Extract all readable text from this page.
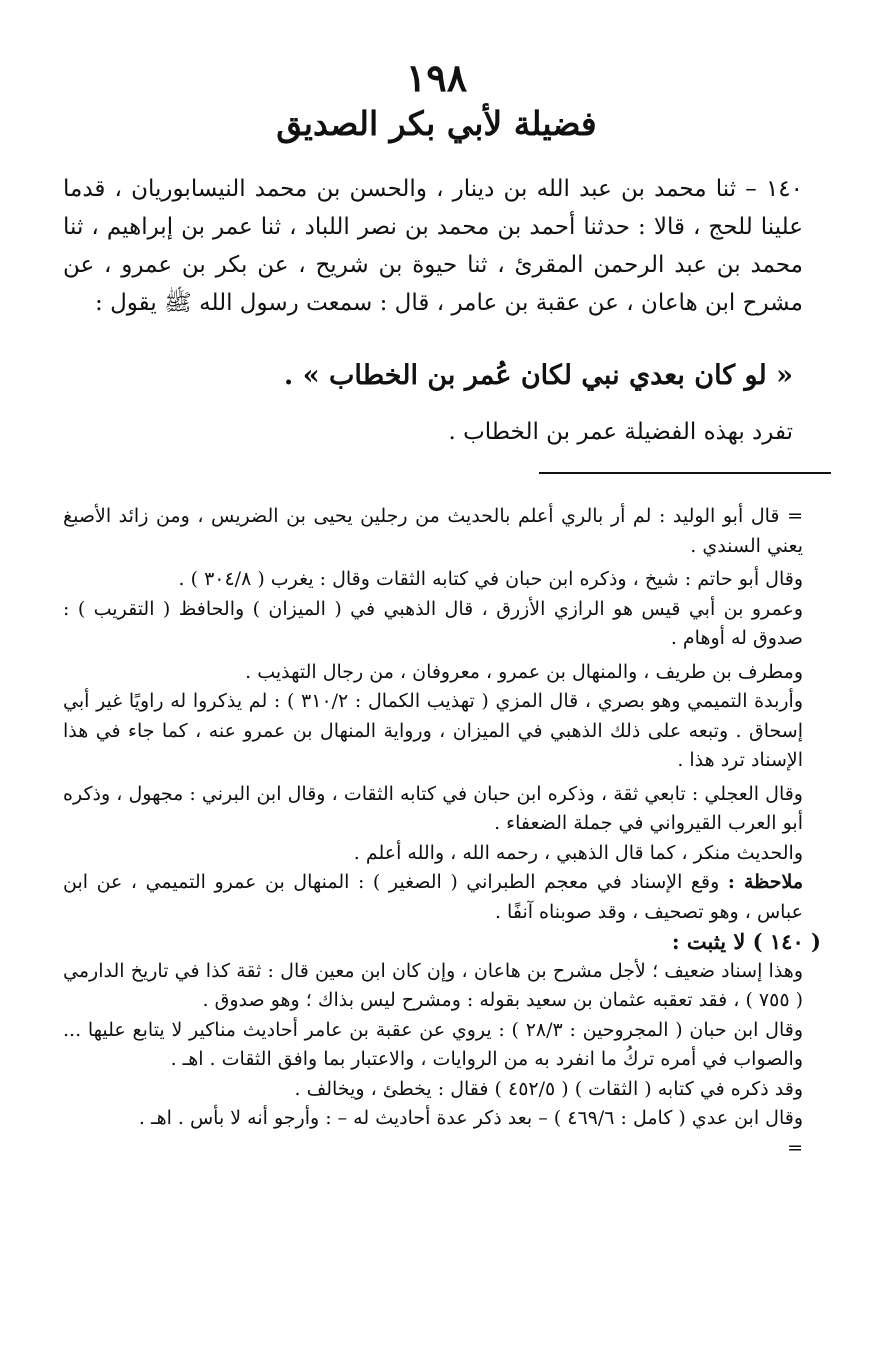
١٩٨
فضيلة لأبي بكر الصديق

١٤٠ – ثنا محمد بن عبد الله بن دينار ، والحسن بن محمد النيسابوريان ، قدما علينا للحج ، قالا : حدثنا أحمد بن محمد بن نصر اللباد ، ثنا عمر بن إبراهيم ، ثنا محمد بن عبد الرحمن المقرئ ، ثنا حيوة بن شريح ، عن بكر بن عمرو ، عن مشرح ابن هاعان ، عن عقبة بن عامر ، قال : سمعت رسول الله ﷺ يقول :

« لو كان بعدي نبي لكان عُمر بن الخطاب » .
تفرد بهذه الفضيلة عمر بن الخطاب .

= قال أبو الوليد : لم أر بالري أعلم بالحديث من رجلين يحيى بن الضريس ، ومن زائد الأصبغ يعني السندي .

وقال أبو حاتم : شيخ ، وذكره ابن حبان في كتابه الثقات وقال : يغرب ( ٣٠٤/٨ ) .

وعمرو بن أبي قيس هو الرازي الأزرق ، قال الذهبي في ( الميزان ) والحافظ ( التقريب ) : صدوق له أوهام .

ومطرف بن طريف ، والمنهال بن عمرو ، معروفان ، من رجال التهذيب .

وأربدة التميمي وهو بصري ، قال المزي ( تهذيب الكمال : ٣١٠/٢ ) : لم يذكروا له راويًا غير أبي إسحاق . وتبعه على ذلك الذهبي في الميزان ، ورواية المنهال بن عمرو عنه ، كما جاء في هذا الإسناد ترد هذا .

وقال العجلي : تابعي ثقة ، وذكره ابن حبان في كتابه الثقات ، وقال ابن البرني : مجهول ، وذكره أبو العرب القيرواني في جملة الضعفاء .

والحديث منكر ، كما قال الذهبي ، رحمه الله ، والله أعلم .

ملاحظة : وقع الإسناد في معجم الطبراني ( الصغير ) : المنهال بن عمرو التميمي ، عن ابن عباس ، وهو تصحيف ، وقد صوبناه آنفًا .

( ١٤٠ ) لا يثبت :

وهذا إسناد ضعيف ؛ لأجل مشرح بن هاعان ، وإن كان ابن معين قال : ثقة كذا في تاريخ الدارمي ( ٧٥٥ ) ، فقد تعقبه عثمان بن سعيد بقوله : ومشرح ليس بذاك ؛ وهو صدوق .

وقال ابن حبان ( المجروحين : ٢٨/٣ ) : يروي عن عقبة بن عامر أحاديث مناكير لا يتابع عليها ... والصواب في أمره تركُ ما انفرد به من الروايات ، والاعتبار بما وافق الثقات . اهـ .

وقد ذكره في كتابه ( الثقات ) ( ٤٥٢/٥ ) فقال : يخطئ ، ويخالف .

وقال ابن عدي ( كامل : ٤٦٩/٦ ) – بعد ذكر عدة أحاديث له – : وأرجو أنه لا بأس . اهـ .

=
